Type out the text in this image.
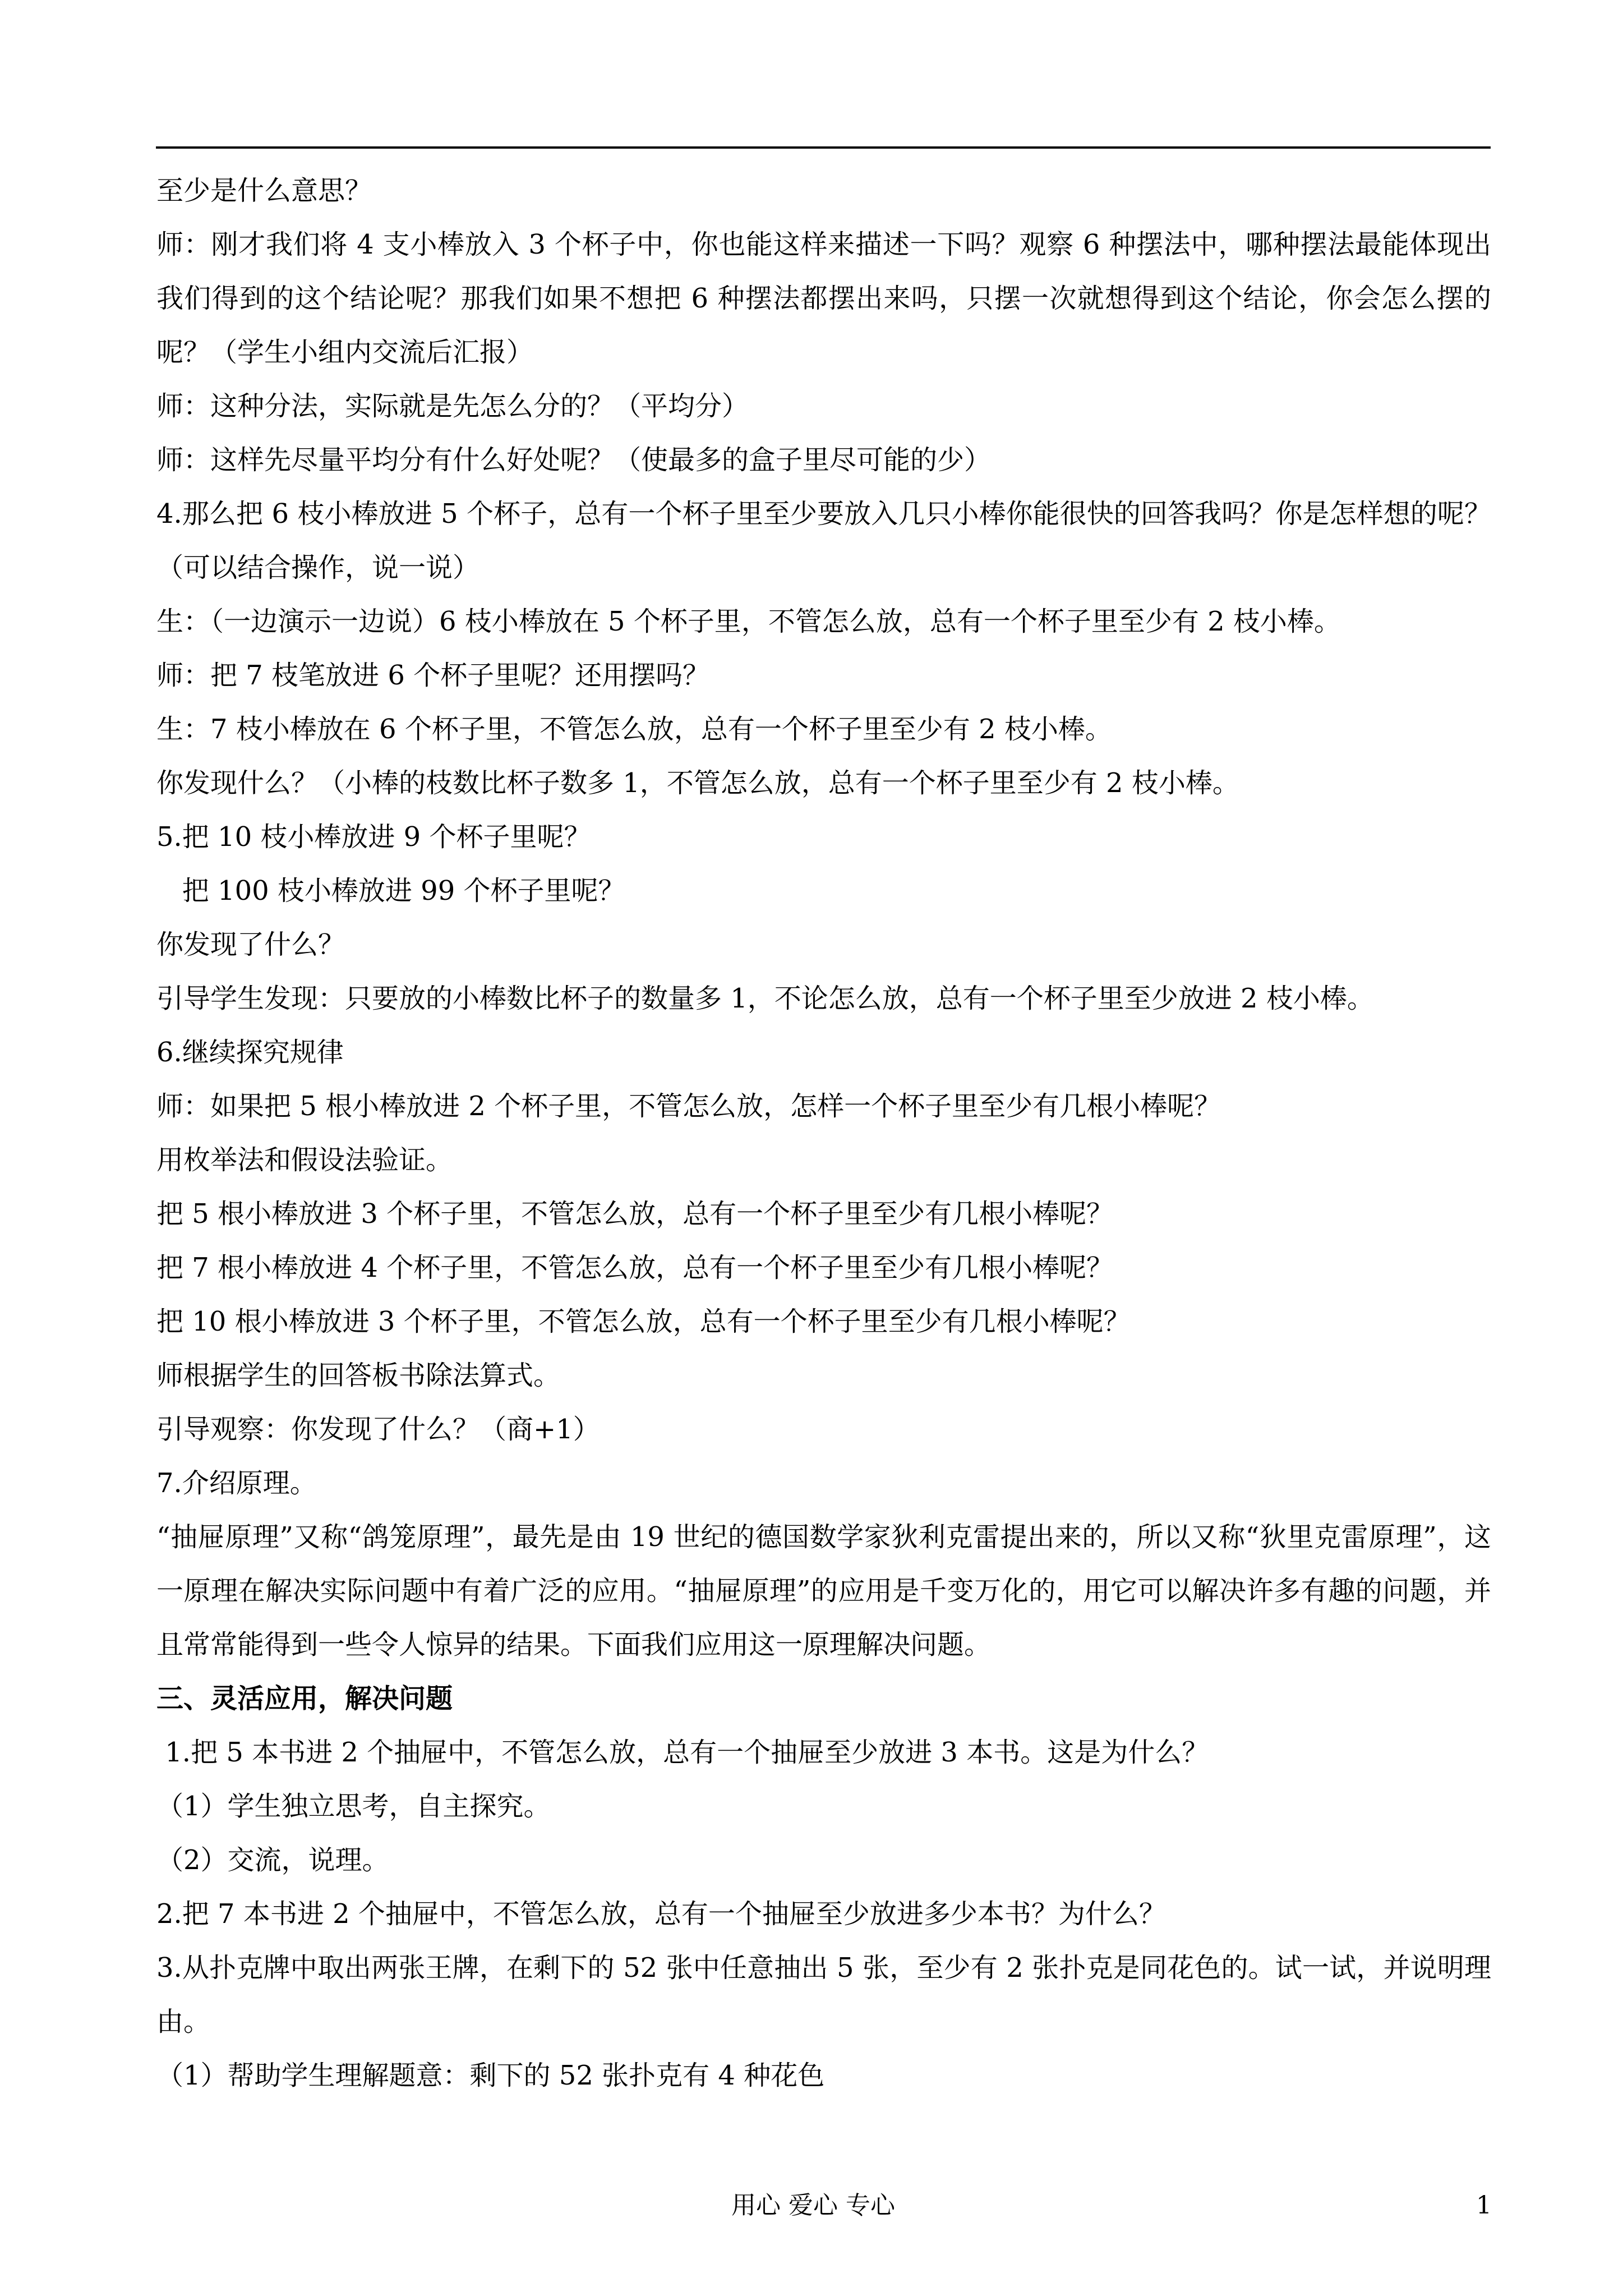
至少是什么意思？

师：刚才我们将 4 支小棒放入 3 个杯子中，你也能这样来描述一下吗？观察 6 种摆法中，哪种摆法最能体现出我们得到的这个结论呢？那我们如果不想把 6 种摆法都摆出来吗，只摆一次就想得到这个结论，你会怎么摆的呢？（学生小组内交流后汇报）

师：这种分法，实际就是先怎么分的？（平均分）

师：这样先尽量平均分有什么好处呢？（使最多的盒子里尽可能的少）

4.那么把 6 枝小棒放进 5 个杯子，总有一个杯子里至少要放入几只小棒你能很快的回答我吗？你是怎样想的呢？（可以结合操作，说一说）

生：（一边演示一边说）6 枝小棒放在 5 个杯子里，不管怎么放，总有一个杯子里至少有 2 枝小棒。

师：把 7 枝笔放进 6 个杯子里呢？还用摆吗？

生：7 枝小棒放在 6 个杯子里，不管怎么放，总有一个杯子里至少有 2 枝小棒。

你发现什么？（小棒的枝数比杯子数多 1，不管怎么放，总有一个杯子里至少有 2 枝小棒。

5.把 10 枝小棒放进 9 个杯子里呢？

把 100 枝小棒放进 99 个杯子里呢？

你发现了什么？

引导学生发现：只要放的小棒数比杯子的数量多 1，不论怎么放，总有一个杯子里至少放进 2 枝小棒。

6.继续探究规律

师：如果把 5 根小棒放进 2 个杯子里，不管怎么放，怎样一个杯子里至少有几根小棒呢？

用枚举法和假设法验证。

把 5 根小棒放进 3 个杯子里，不管怎么放，总有一个杯子里至少有几根小棒呢？

把 7 根小棒放进 4 个杯子里，不管怎么放，总有一个杯子里至少有几根小棒呢？

把 10 根小棒放进 3 个杯子里，不管怎么放，总有一个杯子里至少有几根小棒呢？

师根据学生的回答板书除法算式。

引导观察：你发现了什么？（商+1）

7.介绍原理。

“抽屉原理”又称“鸽笼原理”，最先是由 19 世纪的德国数学家狄利克雷提出来的，所以又称“狄里克雷原理”，这一原理在解决实际问题中有着广泛的应用。“抽屉原理”的应用是千变万化的，用它可以解决许多有趣的问题，并且常常能得到一些令人惊异的结果。下面我们应用这一原理解决问题。

三、灵活应用，解决问题

1.把 5 本书进 2 个抽屉中，不管怎么放，总有一个抽屉至少放进 3 本书。这是为什么？

（1）学生独立思考，自主探究。

（2）交流，说理。

2.把 7 本书进 2 个抽屉中，不管怎么放，总有一个抽屉至少放进多少本书？为什么？

3.从扑克牌中取出两张王牌，在剩下的 52 张中任意抽出 5 张，至少有 2 张扑克是同花色的。试一试，并说明理由。

（1）帮助学生理解题意：剩下的 52 张扑克有 4 种花色

用心 爱心 专心	1
